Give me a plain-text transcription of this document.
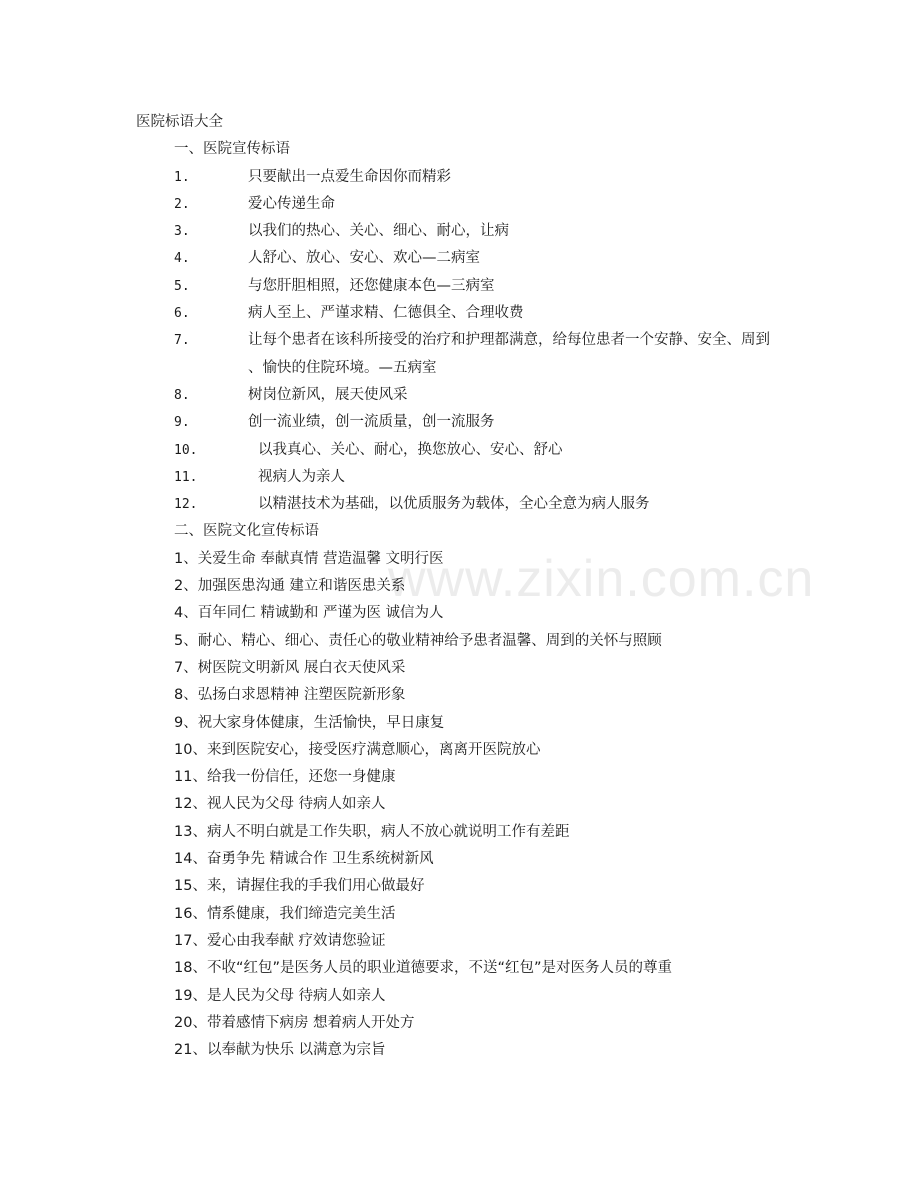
www.zixin.com.cn
医院标语大全
一、医院宣传标语
1.	只要献出一点爱生命因你而精彩
2.	爱心传递生命
3.	以我们的热心、关心、细心、耐心，让病
4.	人舒心、放心、安心、欢心—二病室
5.	与您肝胆相照，还您健康本色—三病室
6.	病人至上、严谨求精、仁德俱全、合理收费
7.	让每个患者在该科所接受的治疗和护理都满意，给每位患者一个安静、安全、周到
、愉快的住院环境。—五病室
8.	树岗位新风，展天使风采
9.	创一流业绩，创一流质量，创一流服务
10.	以我真心、关心、耐心，换您放心、安心、舒心
11.	视病人为亲人
12.	以精湛技术为基础，以优质服务为载体，全心全意为病人服务
二、医院文化宣传标语
1、关爱生命 奉献真情 营造温馨 文明行医
2、加强医患沟通 建立和谐医患关系
4、百年同仁 精诚勤和 严谨为医 诚信为人
5、耐心、精心、细心、责任心的敬业精神给予患者温馨、周到的关怀与照顾
7、树医院文明新风 展白衣天使风采
8、弘扬白求恩精神 注塑医院新形象
9、祝大家身体健康，生活愉快，早日康复
10、来到医院安心，接受医疗满意顺心，离离开医院放心
11、给我一份信任，还您一身健康
12、视人民为父母 待病人如亲人
13、病人不明白就是工作失职，病人不放心就说明工作有差距
14、奋勇争先 精诚合作 卫生系统树新风
15、来，请握住我的手我们用心做最好
16、情系健康，我们缔造完美生活
17、爱心由我奉献 疗效请您验证
18、不收“红包”是医务人员的职业道德要求，不送“红包”是对医务人员的尊重
19、是人民为父母 待病人如亲人
20、带着感情下病房 想着病人开处方
21、以奉献为快乐 以满意为宗旨
